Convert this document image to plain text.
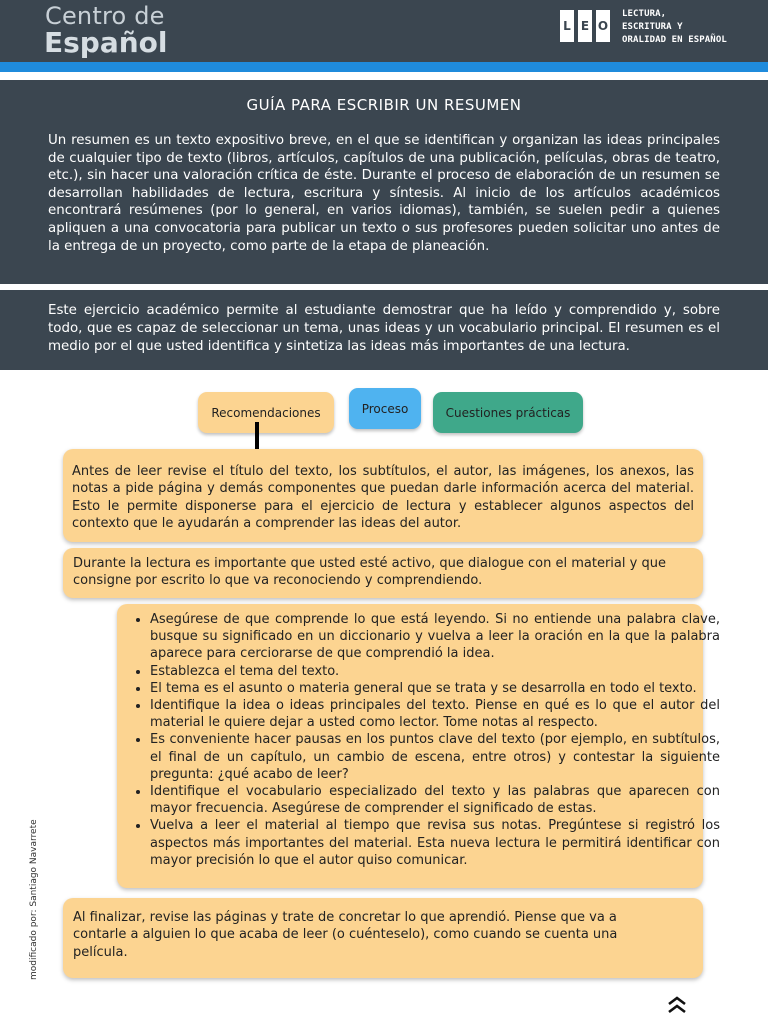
Centro de
Español	L E O
LECTURA,
ESCRITURA Y
ORALIDAD EN ESPAÑOL
GUÍA PARA ESCRIBIR UN RESUMEN
Un resumen es un texto expositivo breve, en el que se identifican y organizan las ideas principales de cualquier tipo de texto (libros, artículos, capítulos de una publicación, películas, obras de teatro, etc.), sin hacer una valoración crítica de éste. Durante el proceso de elaboración de un resumen se desarrollan habilidades de lectura, escritura y síntesis. Al inicio de los artículos académicos encontrará resúmenes (por lo general, en varios idiomas), también, se suelen pedir a quienes apliquen a una convocatoria para publicar un texto o sus profesores pueden solicitar uno antes de la entrega de un proyecto, como parte de la etapa de planeación.
Este ejercicio académico permite al estudiante demostrar que ha leído y comprendido y, sobre todo, que es capaz de seleccionar un tema, unas ideas y un vocabulario principal. El resumen es el medio por el que usted identifica y sintetiza las ideas más importantes de una lectura.
Recomendaciones	Proceso	Cuestiones prácticas
Antes de leer revise el título del texto, los subtítulos, el autor, las imágenes, los anexos, las notas a pide página y demás componentes que puedan darle información acerca del material. Esto le permite disponerse para el ejercicio de lectura y establecer algunos aspectos del contexto que le ayudarán a comprender las ideas del autor.
Durante la lectura es importante que usted esté activo, que dialogue con el material y que consigne por escrito lo que va reconociendo y comprendiendo.
• Asegúrese de que comprende lo que está leyendo. Si no entiende una palabra clave, busque su significado en un diccionario y vuelva a leer la oración en la que la palabra aparece para cerciorarse de que comprendió la idea.
• Establezca el tema del texto.
• El tema es el asunto o materia general que se trata y se desarrolla en todo el texto.
• Identifique la idea o ideas principales del texto. Piense en qué es lo que el autor del material le quiere dejar a usted como lector. Tome notas al respecto.
• Es conveniente hacer pausas en los puntos clave del texto (por ejemplo, en subtítulos, el final de un capítulo, un cambio de escena, entre otros) y contestar la siguiente pregunta: ¿qué acabo de leer?
• Identifique el vocabulario especializado del texto y las palabras que aparecen con mayor frecuencia. Asegúrese de comprender el significado de estas.
• Vuelva a leer el material al tiempo que revisa sus notas. Pregúntese si registró los aspectos más importantes del material. Esta nueva lectura le permitirá identificar con mayor precisión lo que el autor quiso comunicar.
Al finalizar, revise las páginas y trate de concretar lo que aprendió. Piense que va a contarle a alguien lo que acaba de leer (o cuénteselo), como cuando se cuenta una película.
modificado por: Santiago Navarrete
